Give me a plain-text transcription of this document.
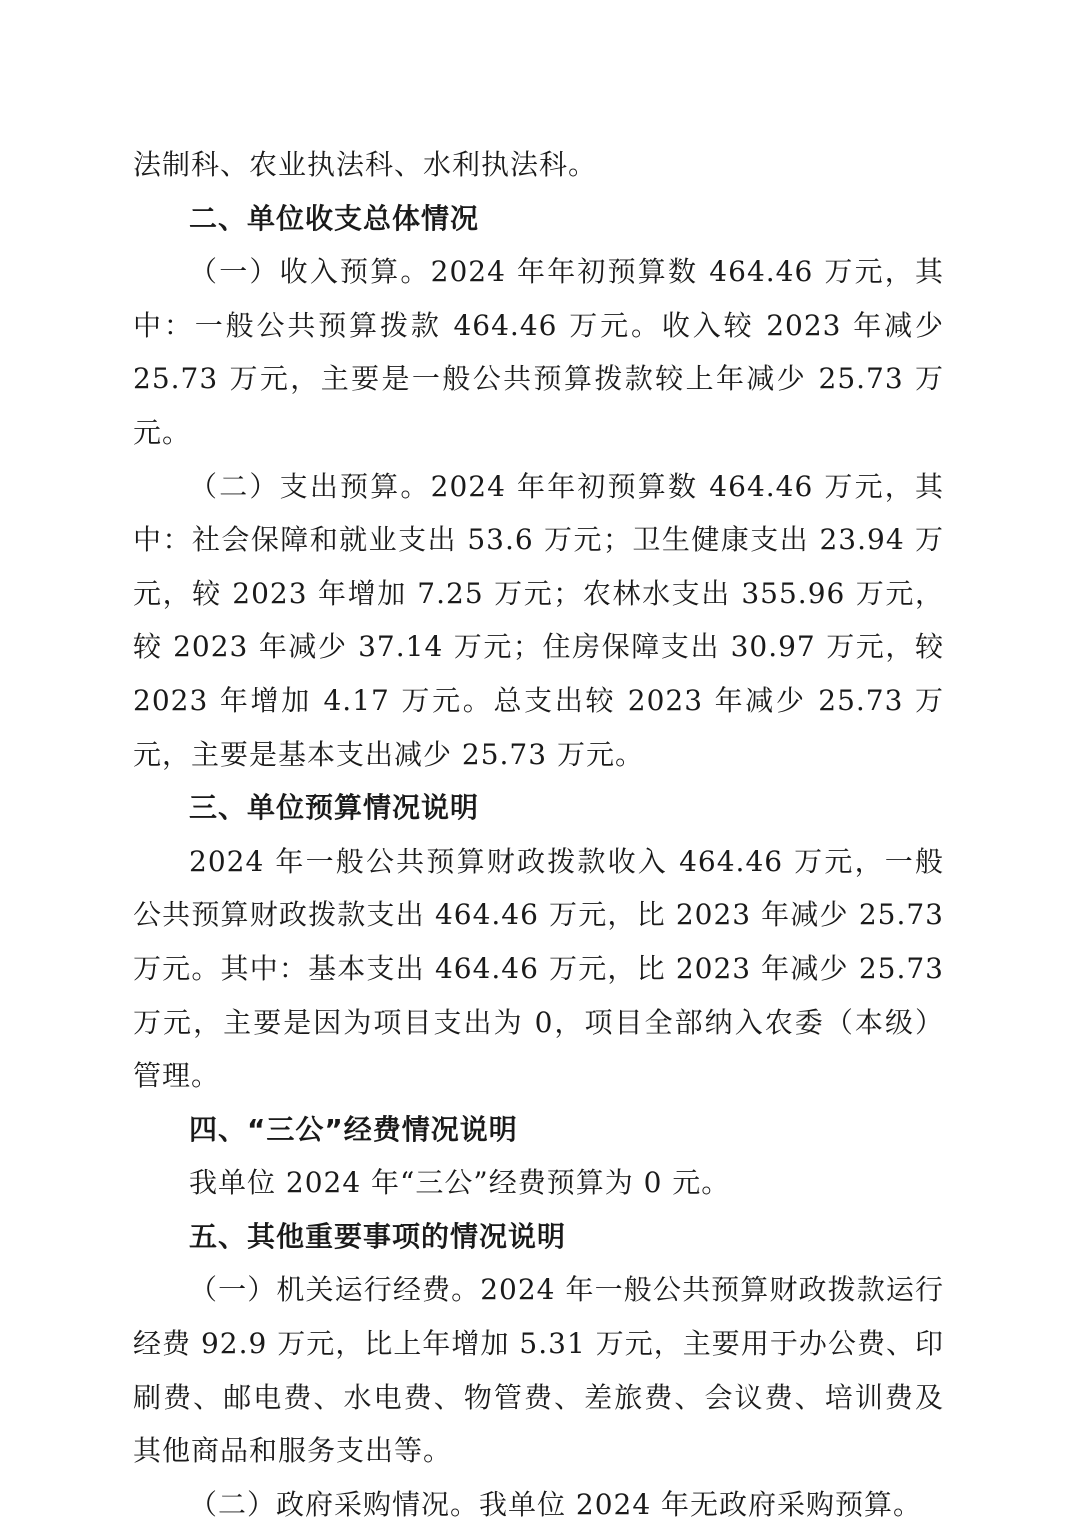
法制科、农业执法科、水利执法科。

二、单位收支总体情况

（一）收入预算。2024 年年初预算数 464.46 万元，其中：一般公共预算拨款 464.46 万元。收入较 2023 年减少 25.73 万元，主要是一般公共预算拨款较上年减少 25.73 万元。

（二）支出预算。2024 年年初预算数 464.46 万元，其中：社会保障和就业支出 53.6 万元；卫生健康支出 23.94 万元，较 2023 年增加 7.25 万元；农林水支出 355.96 万元，较 2023 年减少 37.14 万元；住房保障支出 30.97 万元，较 2023 年增加 4.17 万元。总支出较 2023 年减少 25.73 万元，主要是基本支出减少 25.73 万元。

三、单位预算情况说明

2024 年一般公共预算财政拨款收入 464.46 万元，一般公共预算财政拨款支出 464.46 万元，比 2023 年减少 25.73 万元。其中：基本支出 464.46 万元，比 2023 年减少 25.73 万元，主要是因为项目支出为 0，项目全部纳入农委（本级）管理。

四、“三公”经费情况说明

我单位 2024 年“三公”经费预算为 0 元。

五、其他重要事项的情况说明

（一）机关运行经费。2024 年一般公共预算财政拨款运行经费 92.9 万元，比上年增加 5.31 万元，主要用于办公费、印刷费、邮电费、水电费、物管费、差旅费、会议费、培训费及其他商品和服务支出等。

（二）政府采购情况。我单位 2024 年无政府采购预算。
